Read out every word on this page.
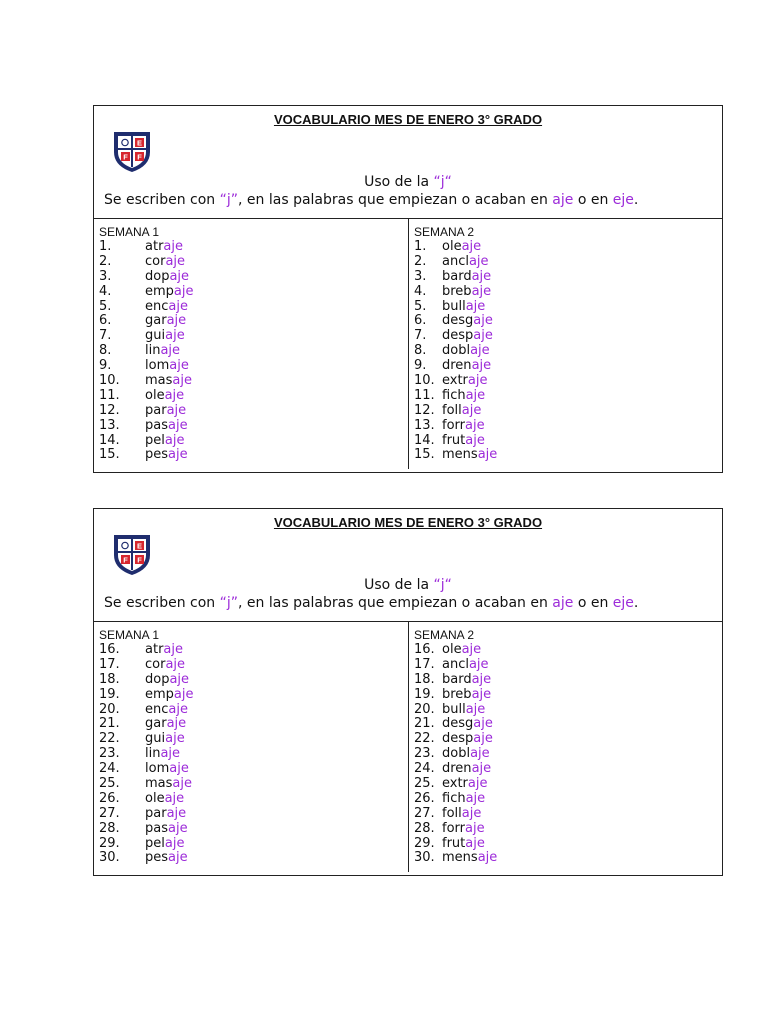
VOCABULARIO MES DE ENERO 3° GRADO
E
F F
Uso de la “j“
Se escriben con “j”, en las palabras que empiezan o acaban en aje o en eje.
SEMANA 1
1.	atr aje
2.	cor aje
3.	dop aje
4.	emp aje
5.	enc aje
6.	gar aje
7.	gui aje
8.	lin aje
9.	lom aje
10.	mas aje
11.	ole aje
12.	par aje
13.	pas aje
14.	pel aje
15.	pes aje
SEMANA 2
1.	ole aje
2.	ancl aje
3.	bard aje
4.	breb aje
5.	bull aje
6.	desg aje
7.	desp aje
8.	dobl aje
9.	dren aje
10. extr aje
11. fich aje
12. foll aje
13. forr aje
14. frut aje
15. mens aje
VOCABULARIO MES DE ENERO 3° GRADO
E
F F
Uso de la “j“
Se escriben con “j”, en las palabras que empiezan o acaban en aje o en eje.
SEMANA 1
16.	atr aje
17.	cor aje
18.	dop aje
19.	emp aje
20.	enc aje
21.	gar aje
22.	gui aje
23.	lin aje
24.	lom aje
25.	mas aje
26.	ole aje
27.	par aje
28.	pas aje
29.	pel aje
30.	pes aje
SEMANA 2
16. ole aje
17. ancl aje
18. bard aje
19. breb aje
20. bull aje
21. desg aje
22. desp aje
23. dobl aje
24. dren aje
25. extr aje
26. fich aje
27. foll aje
28. forr aje
29. frut aje
30. mens aje
